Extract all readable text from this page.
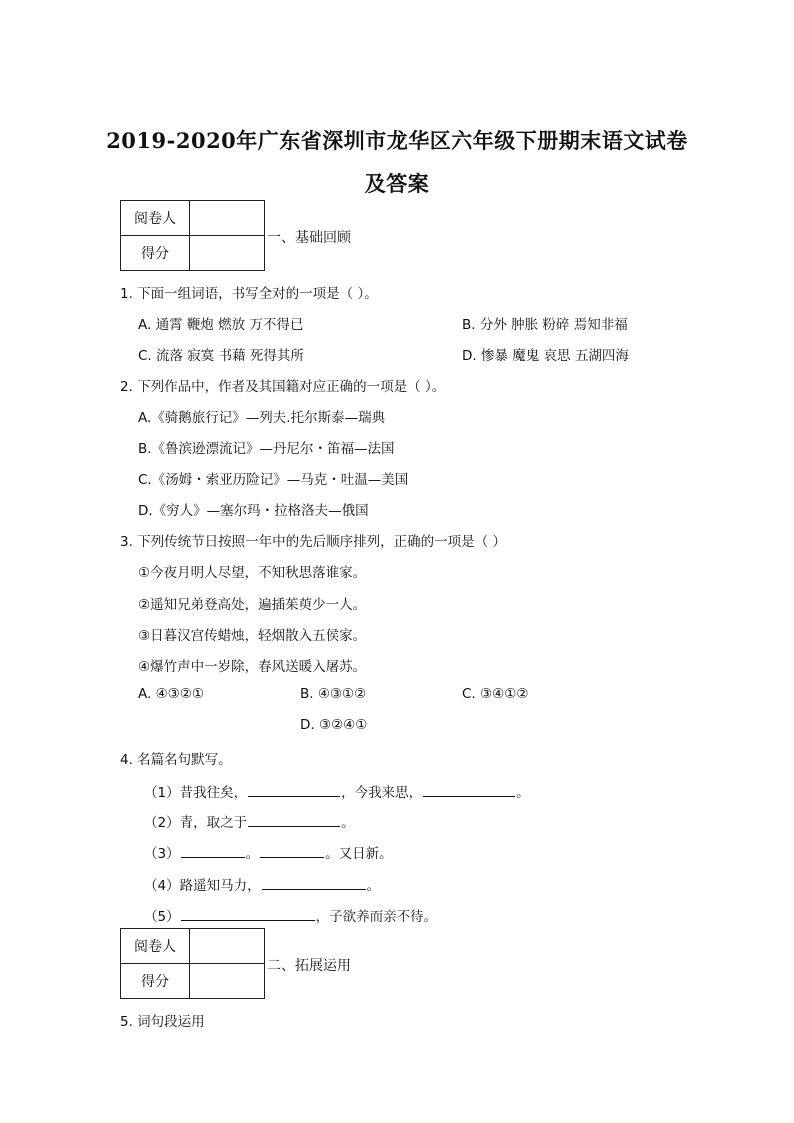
2019-2020年广东省深圳市龙华区六年级下册期末语文试卷
及答案
阅卷人	
得分	
一、基础回顾
1. 下面一组词语，书写全对的一项是（ ）。
A. 通霄 鞭炮 燃放 万不得已	B. 分外 肿胀 粉碎 焉知非福
C. 流落 寂寞 书藉 死得其所	D. 惨暴 魔鬼 哀思 五湖四海
2. 下列作品中，作者及其国籍对应正确的一项是（ ）。
A.《骑鹅旅行记》—列夫.托尔斯泰—瑞典
B.《鲁滨逊漂流记》—丹尼尔・笛福—法国
C.《汤姆・索亚历险记》—马克・吐温—美国
D.《穷人》—塞尔玛・拉格洛夫—俄国
3. 下列传统节日按照一年中的先后顺序排列，正确的一项是（ ）
①今夜月明人尽望，不知秋思落谁家。
②遥知兄弟登高处，遍插茱萸少一人。
③日暮汉宫传蜡烛，轻烟散入五侯家。
④爆竹声中一岁除，春风送暖入屠苏。
A. ④③②①	B. ④③①②	C. ③④①②
D. ③②④①
4. 名篇名句默写。
（1）昔我往矣，	，今我来思，	。
（2）青，取之于	。
（3）	。	。又日新。
（4）路遥知马力，	。
（5）	，子欲养而亲不待。
阅卷人	
得分	
二、拓展运用
5. 词句段运用
